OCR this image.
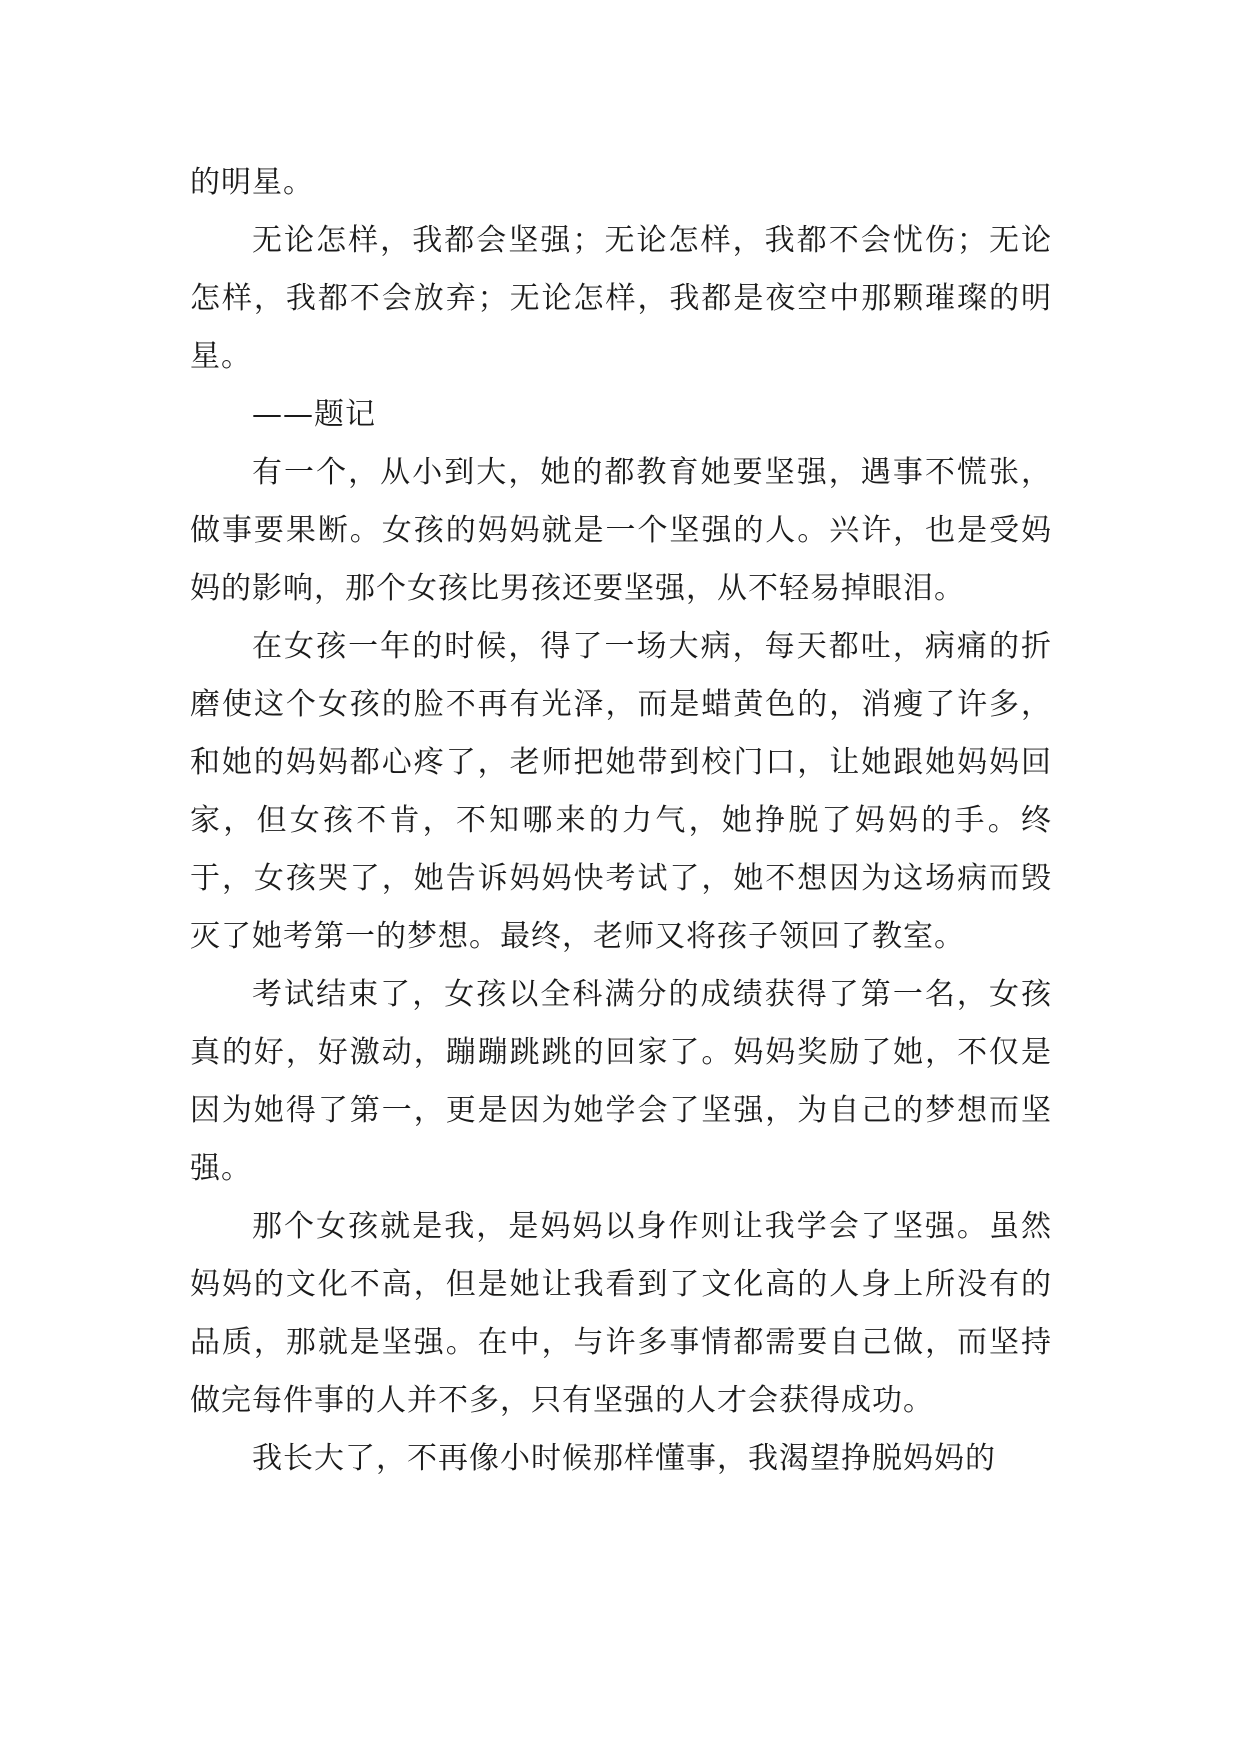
的明星。

无论怎样，我都会坚强；无论怎样，我都不会忧伤；无论怎样，我都不会放弃；无论怎样，我都是夜空中那颗璀璨的明星。

——题记

有一个，从小到大，她的都教育她要坚强，遇事不慌张，做事要果断。女孩的妈妈就是一个坚强的人。兴许，也是受妈妈的影响，那个女孩比男孩还要坚强，从不轻易掉眼泪。

在女孩一年的时候，得了一场大病，每天都吐，病痛的折磨使这个女孩的脸不再有光泽，而是蜡黄色的，消瘦了许多，和她的妈妈都心疼了，老师把她带到校门口，让她跟她妈妈回家，但女孩不肯，不知哪来的力气，她挣脱了妈妈的手。终于，女孩哭了，她告诉妈妈快考试了，她不想因为这场病而毁灭了她考第一的梦想。最终，老师又将孩子领回了教室。

考试结束了，女孩以全科满分的成绩获得了第一名，女孩真的好，好激动，蹦蹦跳跳的回家了。妈妈奖励了她，不仅是因为她得了第一，更是因为她学会了坚强，为自己的梦想而坚强。

那个女孩就是我，是妈妈以身作则让我学会了坚强。虽然妈妈的文化不高，但是她让我看到了文化高的人身上所没有的品质，那就是坚强。在中，与许多事情都需要自己做，而坚持做完每件事的人并不多，只有坚强的人才会获得成功。

我长大了，不再像小时候那样懂事，我渴望挣脱妈妈的
